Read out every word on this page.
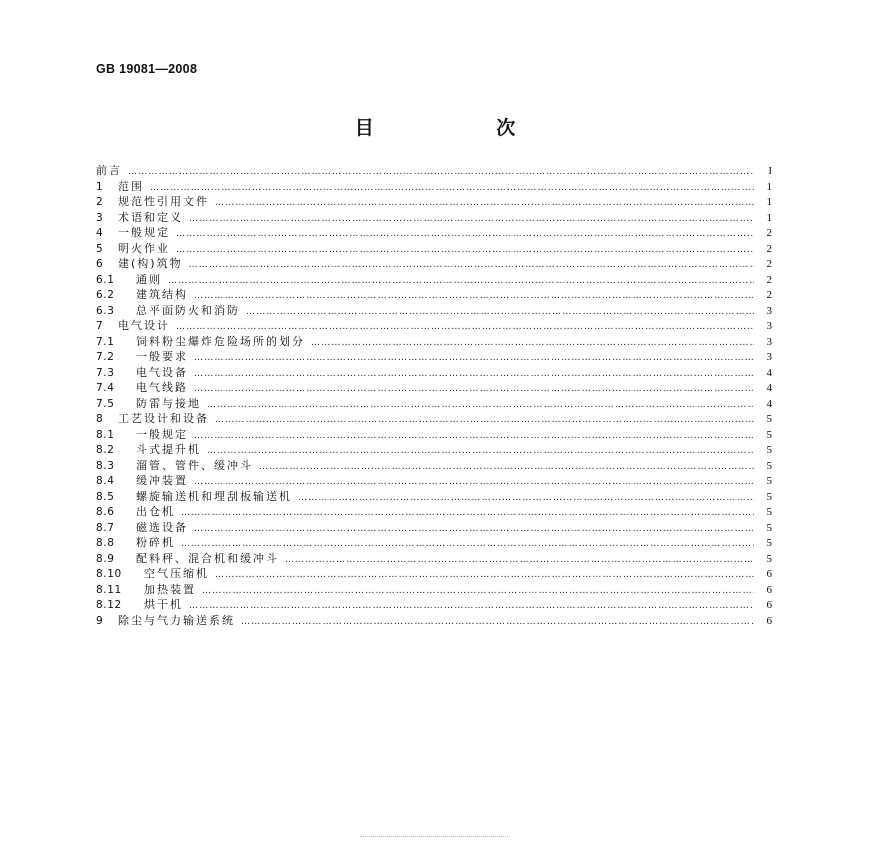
GB 19081—2008
目 次
前言 ……………………………………………………………………………………………………………………………………………………………………………………………………………………………………	I
1	范围 ……………………………………………………………………………………………………………………………………………………………………………………………………………………………………	1
2	规范性引用文件 ……………………………………………………………………………………………………………………………………………………………………………………………………………………………………	1
3	术语和定义 ……………………………………………………………………………………………………………………………………………………………………………………………………………………………………	1
4	一般规定 ……………………………………………………………………………………………………………………………………………………………………………………………………………………………………	2
5	明火作业 ……………………………………………………………………………………………………………………………………………………………………………………………………………………………………	2
6	建(构)筑物 ……………………………………………………………………………………………………………………………………………………………………………………………………………………………………	2
6.1	通则 ……………………………………………………………………………………………………………………………………………………………………………………………………………………………………	2
6.2	建筑结构 ……………………………………………………………………………………………………………………………………………………………………………………………………………………………………	2
6.3	总平面防火和消防 ……………………………………………………………………………………………………………………………………………………………………………………………………………………………………	3
7	电气设计 ……………………………………………………………………………………………………………………………………………………………………………………………………………………………………	3
7.1	饲料粉尘爆炸危险场所的划分 ……………………………………………………………………………………………………………………………………………………………………………………………………………………………………	3
7.2	一般要求 ……………………………………………………………………………………………………………………………………………………………………………………………………………………………………	3
7.3	电气设备 ……………………………………………………………………………………………………………………………………………………………………………………………………………………………………	4
7.4	电气线路 ……………………………………………………………………………………………………………………………………………………………………………………………………………………………………	4
7.5	防雷与接地 ……………………………………………………………………………………………………………………………………………………………………………………………………………………………………	4
8	工艺设计和设备 ……………………………………………………………………………………………………………………………………………………………………………………………………………………………………	5
8.1	一般规定 ……………………………………………………………………………………………………………………………………………………………………………………………………………………………………	5
8.2	斗式提升机 ……………………………………………………………………………………………………………………………………………………………………………………………………………………………………	5
8.3	溜管、管件、缓冲斗 ……………………………………………………………………………………………………………………………………………………………………………………………………………………………………	5
8.4	缓冲装置 ……………………………………………………………………………………………………………………………………………………………………………………………………………………………………	5
8.5	螺旋输送机和埋刮板输送机 ……………………………………………………………………………………………………………………………………………………………………………………………………………………………………	5
8.6	出仓机 ……………………………………………………………………………………………………………………………………………………………………………………………………………………………………	5
8.7	磁选设备 ……………………………………………………………………………………………………………………………………………………………………………………………………………………………………	5
8.8	粉碎机 ……………………………………………………………………………………………………………………………………………………………………………………………………………………………………	5
8.9	配料秤、混合机和缓冲斗 ……………………………………………………………………………………………………………………………………………………………………………………………………………………………………	5
8.10	空气压缩机 ……………………………………………………………………………………………………………………………………………………………………………………………………………………………………	6
8.11	加热装置 ……………………………………………………………………………………………………………………………………………………………………………………………………………………………………	6
8.12	烘干机 ……………………………………………………………………………………………………………………………………………………………………………………………………………………………………	6
9	除尘与气力输送系统 ……………………………………………………………………………………………………………………………………………………………………………………………………………………………………	6
